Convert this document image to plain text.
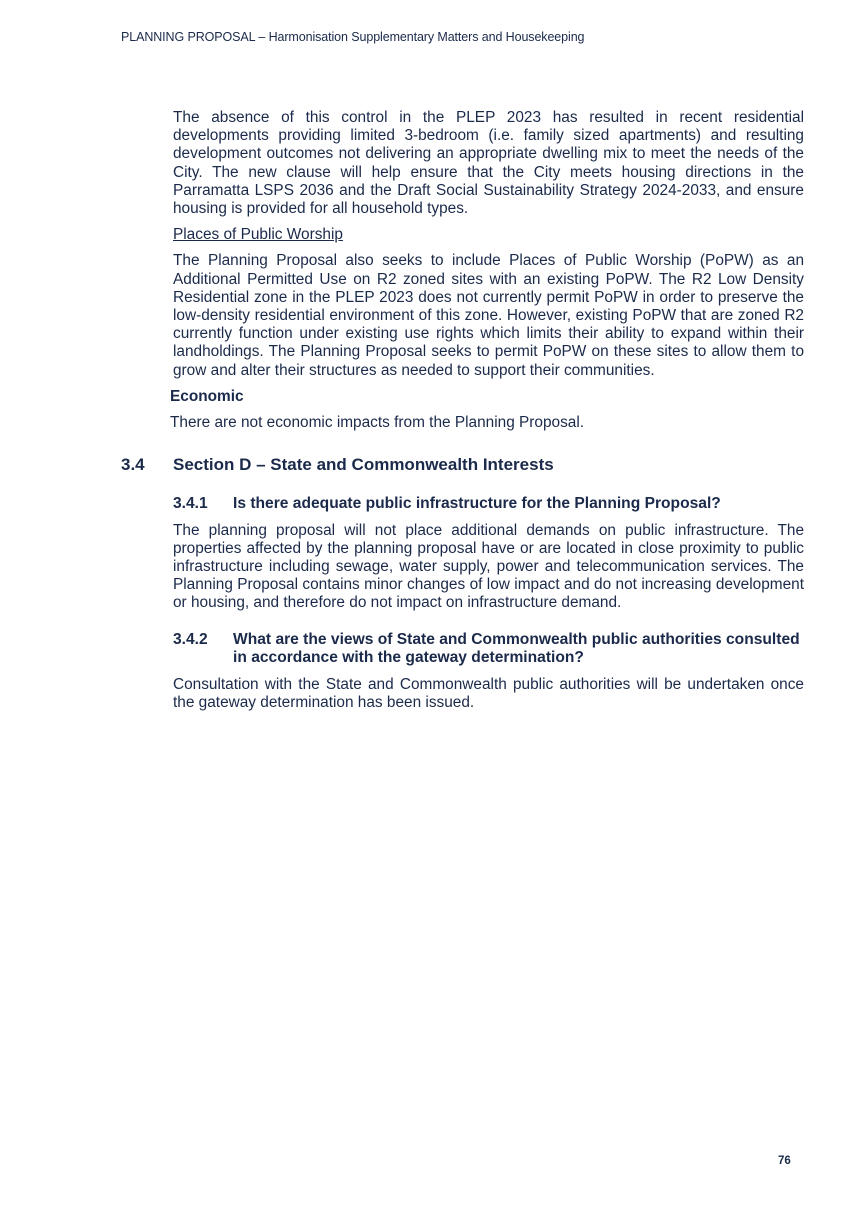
PLANNING PROPOSAL – Harmonisation Supplementary Matters and Housekeeping

The absence of this control in the PLEP 2023 has resulted in recent residential developments providing limited 3-bedroom (i.e. family sized apartments) and resulting development outcomes not delivering an appropriate dwelling mix to meet the needs of the City. The new clause will help ensure that the City meets housing directions in the Parramatta LSPS 2036 and the Draft Social Sustainability Strategy 2024-2033, and ensure housing is provided for all household types.

Places of Public Worship

The Planning Proposal also seeks to include Places of Public Worship (PoPW) as an Additional Permitted Use on R2 zoned sites with an existing PoPW. The R2 Low Density Residential zone in the PLEP 2023 does not currently permit PoPW in order to preserve the low-density residential environment of this zone. However, existing PoPW that are zoned R2 currently function under existing use rights which limits their ability to expand within their landholdings. The Planning Proposal seeks to permit PoPW on these sites to allow them to grow and alter their structures as needed to support their communities.

Economic

There are not economic impacts from the Planning Proposal.

3.4 Section D – State and Commonwealth Interests
3.4.1	Is there adequate public infrastructure for the Planning Proposal?

The planning proposal will not place additional demands on public infrastructure. The properties affected by the planning proposal have or are located in close proximity to public infrastructure including sewage, water supply, power and telecommunication services. The Planning Proposal contains minor changes of low impact and do not increasing development or housing, and therefore do not impact on infrastructure demand.

3.4.2	What are the views of State and Commonwealth public authorities consulted in accordance with the gateway determination?

Consultation with the State and Commonwealth public authorities will be undertaken once the gateway determination has been issued.

76
